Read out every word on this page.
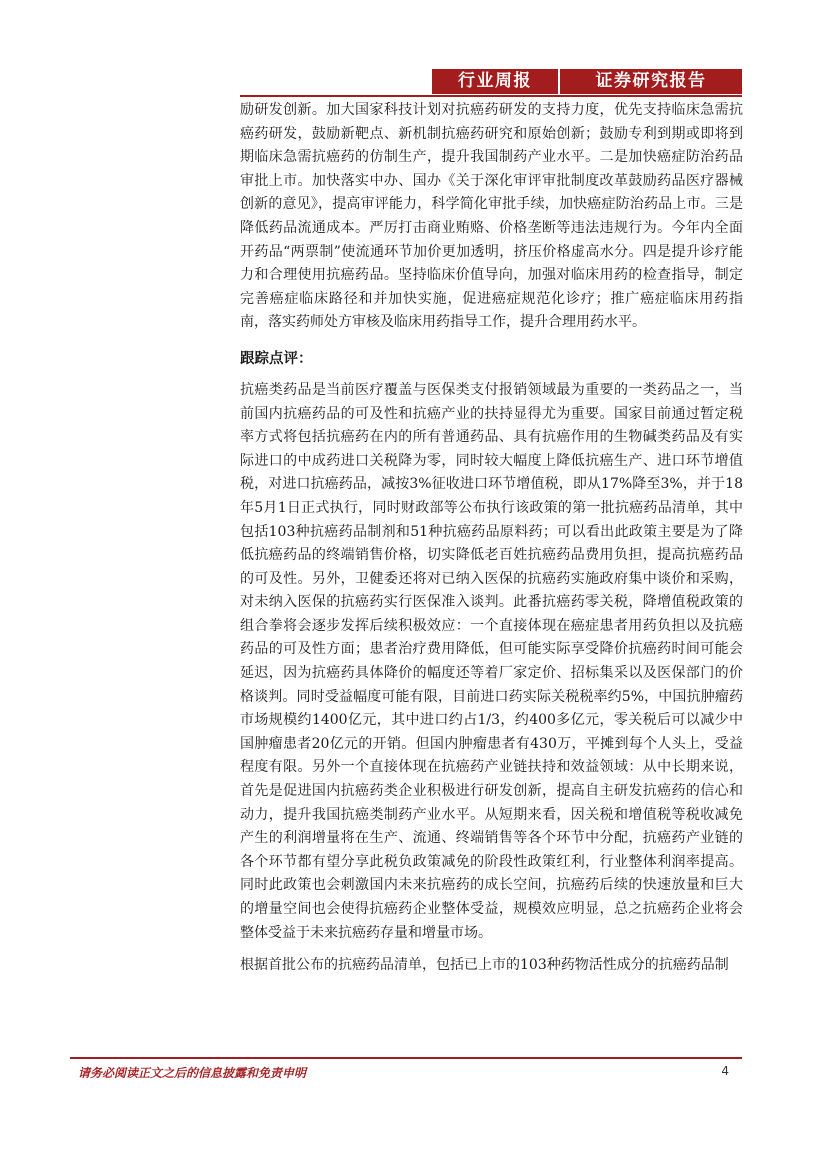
行业周报	证券研究报告

励研发创新。加大国家科技计划对抗癌药研发的支持力度，优先支持临床急需抗癌药研发，鼓励新靶点、新机制抗癌药研究和原始创新；鼓励专利到期或即将到期临床急需抗癌药的仿制生产，提升我国制药产业水平。二是加快癌症防治药品审批上市。加快落实中办、国办《关于深化审评审批制度改革鼓励药品医疗器械创新的意见》，提高审评能力，科学简化审批手续，加快癌症防治药品上市。三是降低药品流通成本。严厉打击商业贿赂、价格垄断等违法违规行为。今年内全面开药品“两票制”使流通环节加价更加透明，挤压价格虚高水分。四是提升诊疗能力和合理使用抗癌药品。坚持临床价值导向，加强对临床用药的检查指导，制定完善癌症临床路径和并加快实施，促进癌症规范化诊疗；推广癌症临床用药指南，落实药师处方审核及临床用药指导工作，提升合理用药水平。

跟踪点评：

抗癌类药品是当前医疗覆盖与医保类支付报销领域最为重要的一类药品之一，当前国内抗癌药品的可及性和抗癌产业的扶持显得尤为重要。国家目前通过暂定税率方式将包括抗癌药在内的所有普通药品、具有抗癌作用的生物碱类药品及有实际进口的中成药进口关税降为零，同时较大幅度上降低抗癌生产、进口环节增值税，对进口抗癌药品，减按3%征收进口环节增值税，即从17%降至3%，并于18年5月1日正式执行，同时财政部等公布执行该政策的第一批抗癌药品清单，其中包括103种抗癌药品制剂和51种抗癌药品原料药；可以看出此政策主要是为了降低抗癌药品的终端销售价格，切实降低老百姓抗癌药品费用负担，提高抗癌药品的可及性。另外，卫健委还将对已纳入医保的抗癌药实施政府集中谈价和采购，对未纳入医保的抗癌药实行医保准入谈判。此番抗癌药零关税，降增值税政策的组合拳将会逐步发挥后续积极效应：一个直接体现在癌症患者用药负担以及抗癌药品的可及性方面；患者治疗费用降低，但可能实际享受降价抗癌药时间可能会延迟，因为抗癌药具体降价的幅度还等着厂家定价、招标集采以及医保部门的价格谈判。同时受益幅度可能有限，目前进口药实际关税税率约5%，中国抗肿瘤药市场规模约1400亿元，其中进口约占1/3，约400多亿元，零关税后可以减少中国肿瘤患者20亿元的开销。但国内肿瘤患者有430万，平摊到每个人头上，受益程度有限。另外一个直接体现在抗癌药产业链扶持和效益领域：从中长期来说，首先是促进国内抗癌药类企业积极进行研发创新，提高自主研发抗癌药的信心和动力，提升我国抗癌类制药产业水平。从短期来看，因关税和增值税等税收减免产生的利润增量将在生产、流通、终端销售等各个环节中分配，抗癌药产业链的各个环节都有望分享此税负政策减免的阶段性政策红利，行业整体利润率提高。同时此政策也会刺激国内未来抗癌药的成长空间，抗癌药后续的快速放量和巨大的增量空间也会使得抗癌药企业整体受益，规模效应明显，总之抗癌药企业将会整体受益于未来抗癌药存量和增量市场。

根据首批公布的抗癌药品清单，包括已上市的103种药物活性成分的抗癌药品制

请务必阅读正文之后的信息披露和免责申明	4
